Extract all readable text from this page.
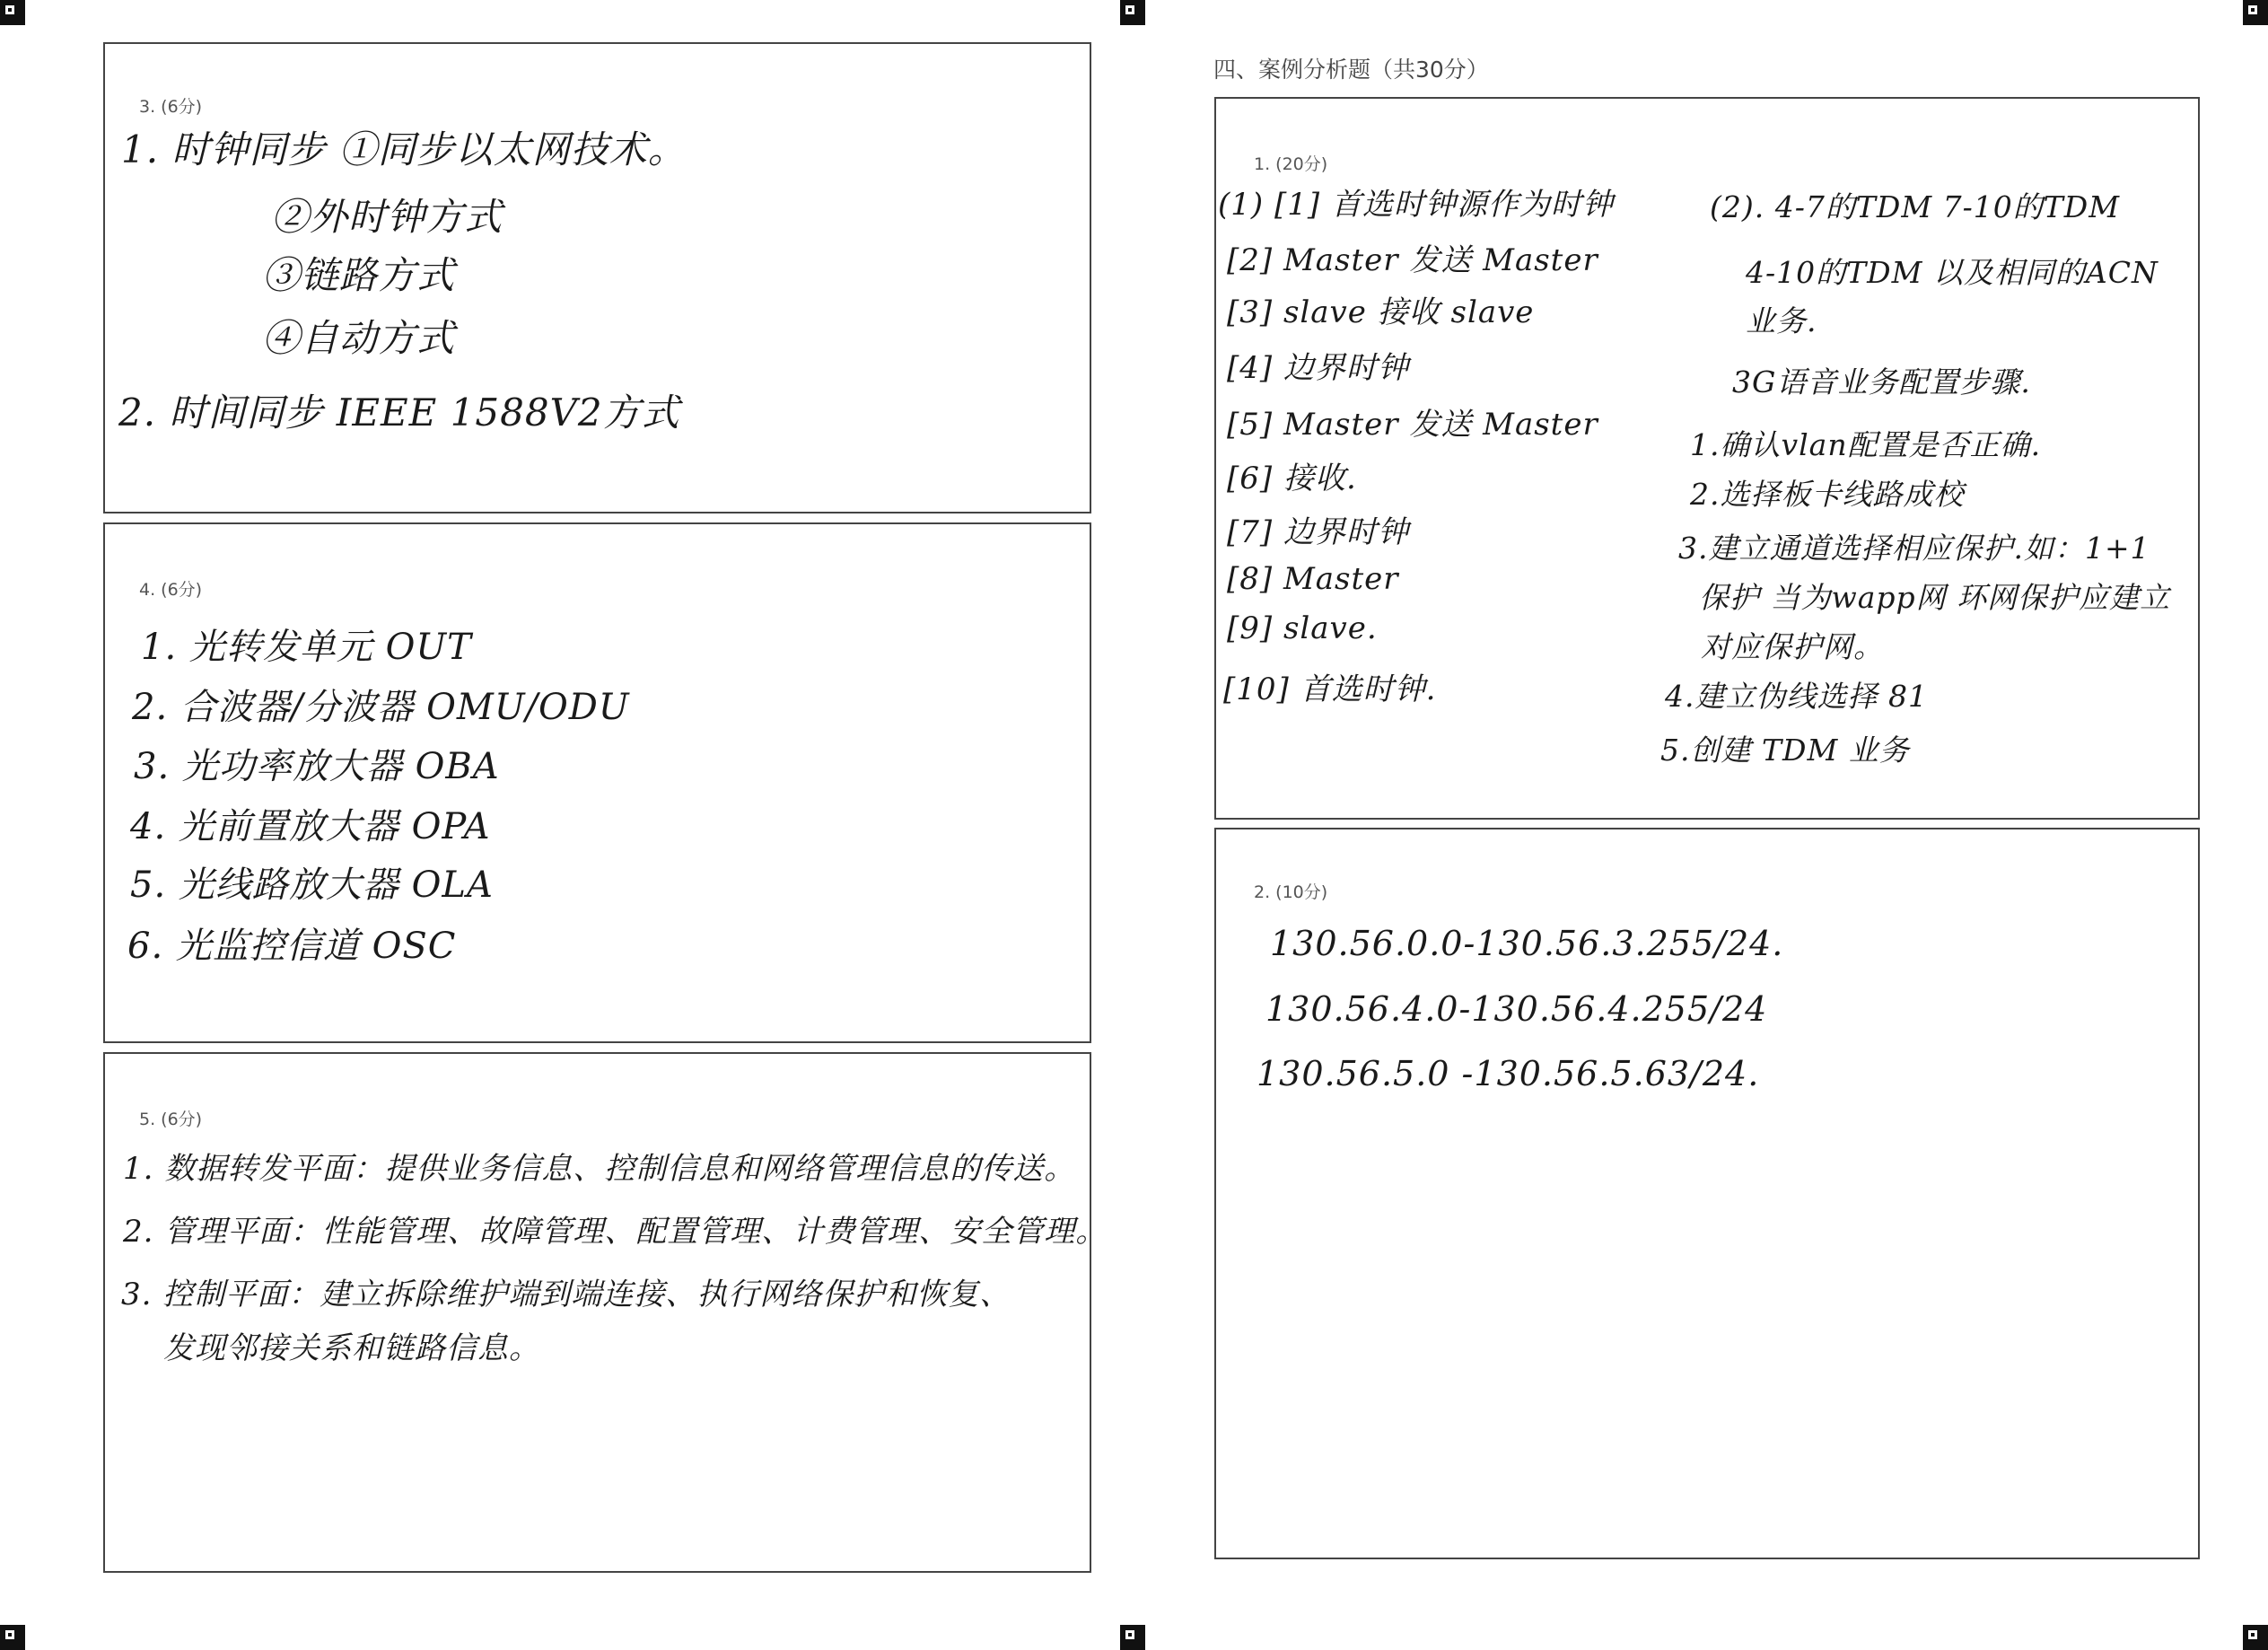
3. (6分)
1. 时钟同步 ①同步以太网技术。
②外时钟方式
③链路方式
④自动方式
2. 时间同步 IEEE 1588V2方式
4. (6分)
1. 光转发单元 OUT
2. 合波器/分波器 OMU/ODU
3. 光功率放大器 OBA
4. 光前置放大器 OPA
5. 光线路放大器 OLA
6. 光监控信道 OSC
5. (6分)
1. 数据转发平面：提供业务信息、控制信息和网络管理信息的传送。
2. 管理平面：性能管理、故障管理、配置管理、计费管理、安全管理。
3. 控制平面：建立拆除维护端到端连接、执行网络保护和恢复、
发现邻接关系和链路信息。
四、案例分析题（共30分）
1. (20分)
(1) [1] 首选时钟源作为时钟
[2] Master 发送 Master
[3] slave 接收 slave
[4] 边界时钟
[5] Master 发送 Master
[6] 接收.
[7] 边界时钟
[8] Master
[9] slave.
[10] 首选时钟.
(2). 4-7的TDM 7-10的TDM
4-10的TDM 以及相同的ACN
业务.
3G语音业务配置步骤.
1.确认vlan配置是否正确.
2.选择板卡线路成校
3.建立通道选择相应保护.如：1+1
保护 当为wapp网 环网保护应建立
对应保护网。
4.建立伪线选择 81
5.创建 TDM 业务
2. (10分)
130.56.0.0-130.56.3.255/24.
130.56.4.0-130.56.4.255/24
130.56.5.0 -130.56.5.63/24.
